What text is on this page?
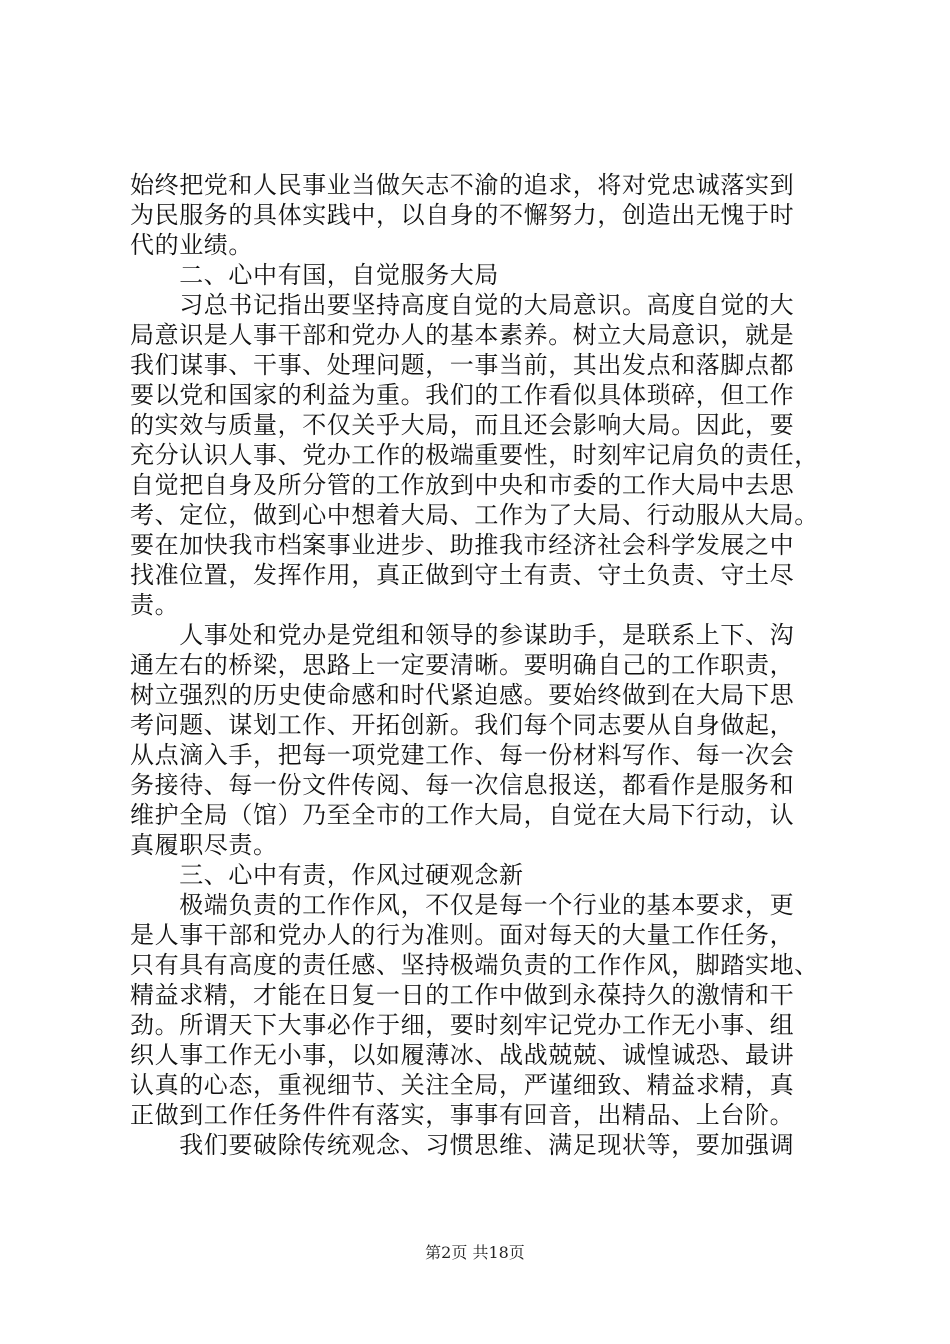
始终把党和人民事业当做矢志不渝的追求，将对党忠诚落实到
为民服务的具体实践中，以自身的不懈努力，创造出无愧于时
代的业绩。
　　二、心中有国，自觉服务大局
　　习总书记指出要坚持高度自觉的大局意识。高度自觉的大
局意识是人事干部和党办人的基本素养。树立大局意识，就是
我们谋事、干事、处理问题，一事当前，其出发点和落脚点都
要以党和国家的利益为重。我们的工作看似具体琐碎，但工作
的实效与质量，不仅关乎大局，而且还会影响大局。因此，要
充分认识人事、党办工作的极端重要性，时刻牢记肩负的责任，
自觉把自身及所分管的工作放到中央和市委的工作大局中去思
考、定位，做到心中想着大局、工作为了大局、行动服从大局。
要在加快我市档案事业进步、助推我市经济社会科学发展之中
找准位置，发挥作用，真正做到守土有责、守土负责、守土尽
责。
　　人事处和党办是党组和领导的参谋助手，是联系上下、沟
通左右的桥梁，思路上一定要清晰。要明确自己的工作职责，
树立强烈的历史使命感和时代紧迫感。要始终做到在大局下思
考问题、谋划工作、开拓创新。我们每个同志要从自身做起，
从点滴入手，把每一项党建工作、每一份材料写作、每一次会
务接待、每一份文件传阅、每一次信息报送，都看作是服务和
维护全局（馆）乃至全市的工作大局，自觉在大局下行动，认
真履职尽责。
　　三、心中有责，作风过硬观念新
　　极端负责的工作作风，不仅是每一个行业的基本要求，更
是人事干部和党办人的行为准则。面对每天的大量工作任务，
只有具有高度的责任感、坚持极端负责的工作作风，脚踏实地、
精益求精，才能在日复一日的工作中做到永葆持久的激情和干
劲。所谓天下大事必作于细，要时刻牢记党办工作无小事、组
织人事工作无小事，以如履薄冰、战战兢兢、诚惶诚恐、最讲
认真的心态，重视细节、关注全局，严谨细致、精益求精，真
正做到工作任务件件有落实，事事有回音，出精品、上台阶。
　　我们要破除传统观念、习惯思维、满足现状等，要加强调
第2页 共18页
